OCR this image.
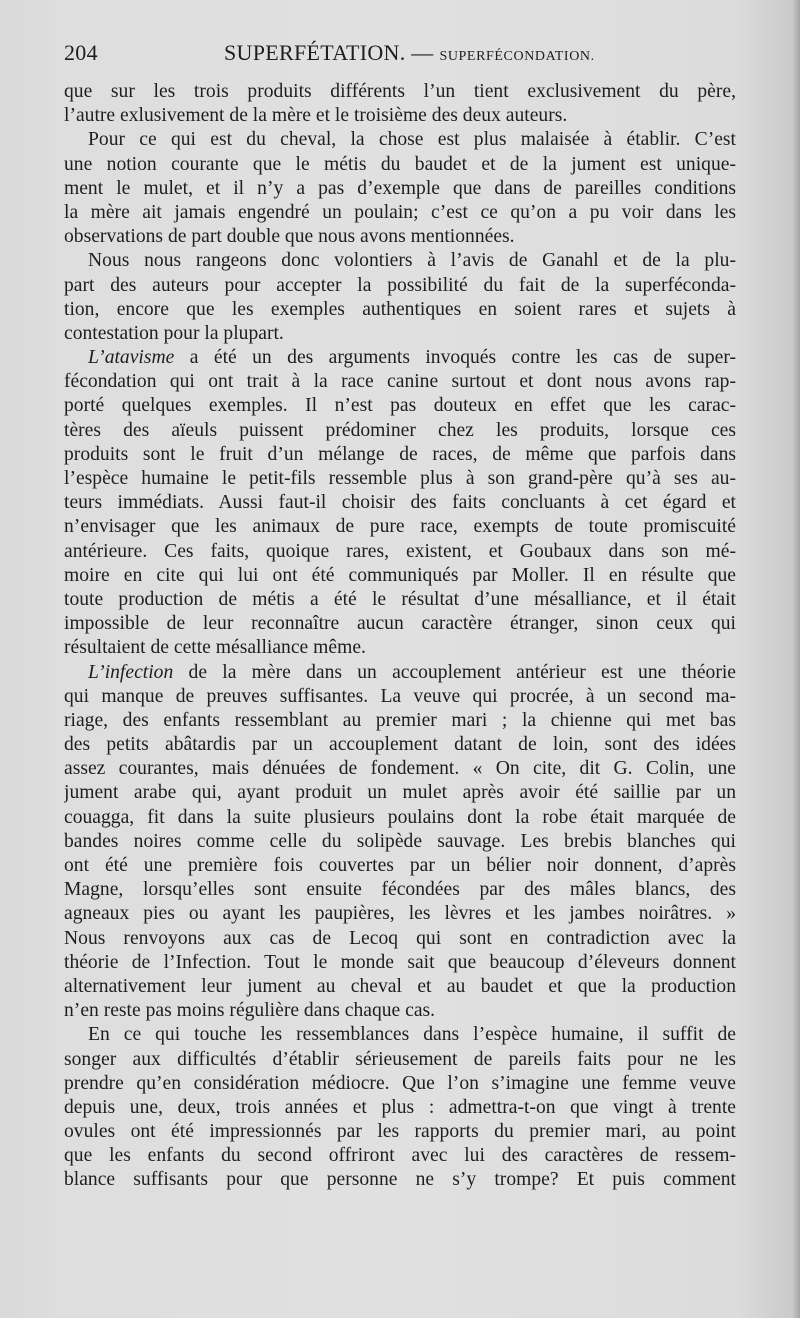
204	SUPERFÉTATION. — SUPERFÉCONDATION.
que sur les trois produits différents l’un tient exclusivement du père,
l’autre exlusivement de la mère et le troisième des deux auteurs.
Pour ce qui est du cheval, la chose est plus malaisée à établir. C’est
une notion courante que le métis du baudet et de la jument est unique-
ment le mulet, et il n’y a pas d’exemple que dans de pareilles conditions
la mère ait jamais engendré un poulain; c’est ce qu’on a pu voir dans les
observations de part double que nous avons mentionnées.
Nous nous rangeons donc volontiers à l’avis de Ganahl et de la plu-
part des auteurs pour accepter la possibilité du fait de la superféconda-
tion, encore que les exemples authentiques en soient rares et sujets à
contestation pour la plupart.
L’atavisme a été un des arguments invoqués contre les cas de super-
fécondation qui ont trait à la race canine surtout et dont nous avons rap-
porté quelques exemples. Il n’est pas douteux en effet que les carac-
tères des aïeuls puissent prédominer chez les produits, lorsque ces
produits sont le fruit d’un mélange de races, de même que parfois dans
l’espèce humaine le petit-fils ressemble plus à son grand-père qu’à ses au-
teurs immédiats. Aussi faut-il choisir des faits concluants à cet égard et
n’envisager que les animaux de pure race, exempts de toute promiscuité
antérieure. Ces faits, quoique rares, existent, et Goubaux dans son mé-
moire en cite qui lui ont été communiqués par Moller. Il en résulte que
toute production de métis a été le résultat d’une mésalliance, et il était
impossible de leur reconnaître aucun caractère étranger, sinon ceux qui
résultaient de cette mésalliance même.
L’infection de la mère dans un accouplement antérieur est une théorie
qui manque de preuves suffisantes. La veuve qui procrée, à un second ma-
riage, des enfants ressemblant au premier mari ; la chienne qui met bas
des petits abâtardis par un accouplement datant de loin, sont des idées
assez courantes, mais dénuées de fondement. « On cite, dit G. Colin, une
jument arabe qui, ayant produit un mulet après avoir été saillie par un
couagga, fit dans la suite plusieurs poulains dont la robe était marquée de
bandes noires comme celle du solipède sauvage. Les brebis blanches qui
ont été une première fois couvertes par un bélier noir donnent, d’après
Magne, lorsqu’elles sont ensuite fécondées par des mâles blancs, des
agneaux pies ou ayant les paupières, les lèvres et les jambes noirâtres. »
Nous renvoyons aux cas de Lecoq qui sont en contradiction avec la
théorie de l’Infection. Tout le monde sait que beaucoup d’éleveurs donnent
alternativement leur jument au cheval et au baudet et que la production
n’en reste pas moins régulière dans chaque cas.
En ce qui touche les ressemblances dans l’espèce humaine, il suffit de
songer aux difficultés d’établir sérieusement de pareils faits pour ne les
prendre qu’en considération médiocre. Que l’on s’imagine une femme veuve
depuis une, deux, trois années et plus : admettra-t-on que vingt à trente
ovules ont été impressionnés par les rapports du premier mari, au point
que les enfants du second offriront avec lui des caractères de ressem-
blance suffisants pour que personne ne s’y trompe? Et puis comment
